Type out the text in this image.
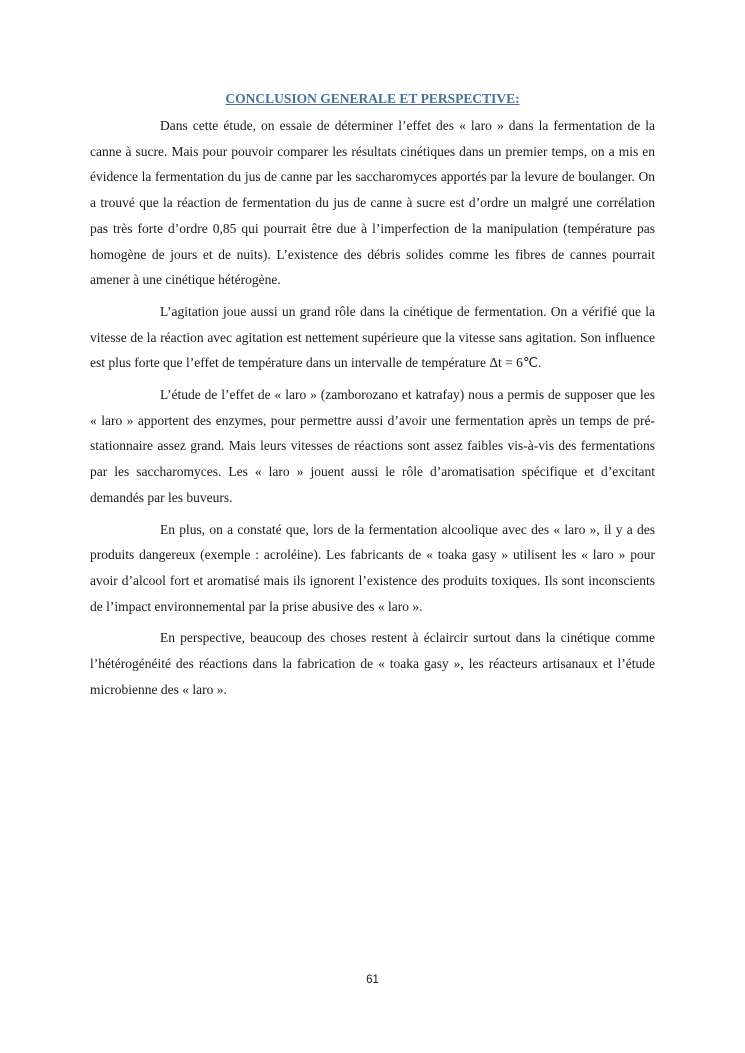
CONCLUSION GENERALE ET PERSPECTIVE:

Dans cette étude, on essaie de déterminer l’effet des « laro » dans la fermentation de la canne à sucre. Mais pour pouvoir comparer les résultats cinétiques dans un premier temps, on a mis en évidence la fermentation du jus de canne par les saccharomyces apportés par la levure de boulanger. On a trouvé que la réaction de fermentation du jus de canne à sucre est d’ordre un malgré une corrélation pas très forte d’ordre 0,85 qui pourrait être due à l’imperfection de la manipulation (température pas homogène de jours et de nuits). L’existence des débris solides comme les fibres de cannes pourrait amener à une cinétique hétérogène.

L’agitation joue aussi un grand rôle dans la cinétique de fermentation. On a vérifié que la vitesse de la réaction avec agitation est nettement supérieure que la vitesse sans agitation. Son influence est plus forte que l’effet de température dans un intervalle de température Δt = 6℃.

L’étude de l’effet de « laro » (zamborozano et katrafay) nous a permis de supposer que les « laro » apportent des enzymes, pour permettre aussi d’avoir une fermentation après un temps de pré-stationnaire assez grand. Mais leurs vitesses de réactions sont assez faibles vis-à-vis des fermentations par les saccharomyces. Les « laro » jouent aussi le rôle d’aromatisation spécifique et d’excitant demandés par les buveurs.

En plus, on a constaté que, lors de la fermentation alcoolique avec des « laro », il y a des produits dangereux (exemple : acroléine). Les fabricants de « toaka gasy » utilisent les « laro » pour avoir d’alcool fort et aromatisé mais ils ignorent l’existence des produits toxiques. Ils sont inconscients de l’impact environnemental par la prise abusive des « laro ».

En perspective, beaucoup des choses restent à éclaircir surtout dans la cinétique comme l’hétérogénéité des réactions dans la fabrication de « toaka gasy », les réacteurs artisanaux et l’étude microbienne des « laro ».

61
